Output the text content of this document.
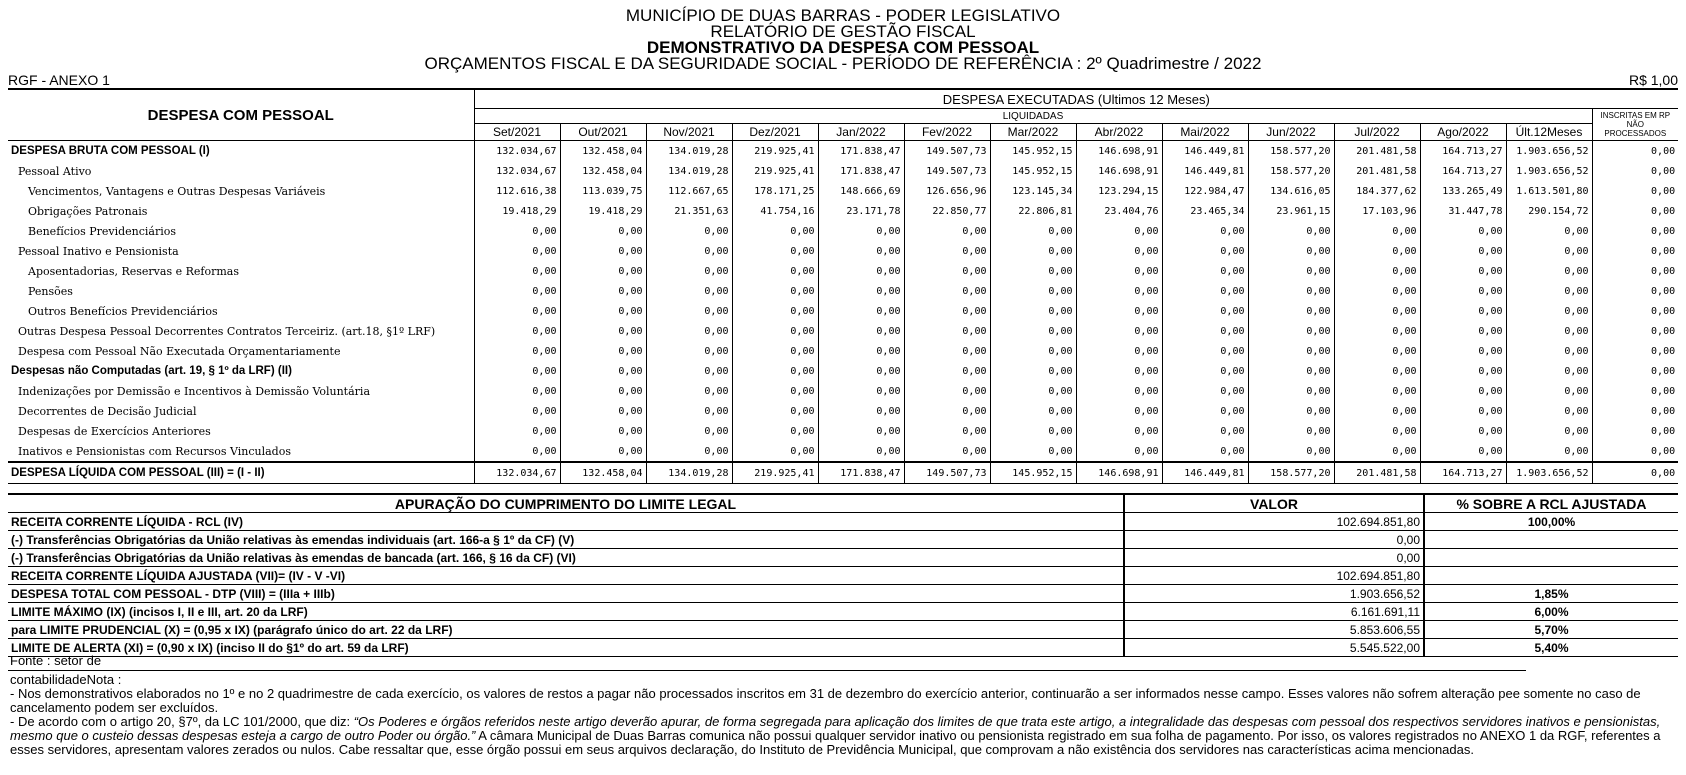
MUNICÍPIO DE DUAS BARRAS - PODER LEGISLATIVO
RELATÓRIO DE GESTÃO FISCAL
DEMONSTRATIVO DA DESPESA COM PESSOAL
ORÇAMENTOS FISCAL E DA SEGURIDADE SOCIAL - PERÍODO DE REFERÊNCIA : 2º Quadrimestre / 2022
RGF - ANEXO 1	R$ 1,00
DESPESA COM PESSOAL	DESPESA EXECUTADAS (Ultimos 12 Meses)													
	LIQUIDADAS													INSCRITAS EM RP NÃO PROCESSADOS
	Set/2021	Out/2021	Nov/2021	Dez/2021	Jan/2022	Fev/2022	Mar/2022	Abr/2022	Mai/2022	Jun/2022	Jul/2022	Ago/2022	Últ.12Meses	
DESPESA BRUTA COM PESSOAL (I)	132.034,67	132.458,04	134.019,28	219.925,41	171.838,47	149.507,73	145.952,15	146.698,91	146.449,81	158.577,20	201.481,58	164.713,27	1.903.656,52	0,00
Pessoal Ativo	132.034,67	132.458,04	134.019,28	219.925,41	171.838,47	149.507,73	145.952,15	146.698,91	146.449,81	158.577,20	201.481,58	164.713,27	1.903.656,52	0,00
Vencimentos, Vantagens e Outras Despesas Variáveis	112.616,38	113.039,75	112.667,65	178.171,25	148.666,69	126.656,96	123.145,34	123.294,15	122.984,47	134.616,05	184.377,62	133.265,49	1.613.501,80	0,00
Obrigações Patronais	19.418,29	19.418,29	21.351,63	41.754,16	23.171,78	22.850,77	22.806,81	23.404,76	23.465,34	23.961,15	17.103,96	31.447,78	290.154,72	0,00
Benefícios Previdenciários	0,00	0,00	0,00	0,00	0,00	0,00	0,00	0,00	0,00	0,00	0,00	0,00	0,00	0,00
Pessoal Inativo e Pensionista	0,00	0,00	0,00	0,00	0,00	0,00	0,00	0,00	0,00	0,00	0,00	0,00	0,00	0,00
Aposentadorias, Reservas e Reformas	0,00	0,00	0,00	0,00	0,00	0,00	0,00	0,00	0,00	0,00	0,00	0,00	0,00	0,00
Pensões	0,00	0,00	0,00	0,00	0,00	0,00	0,00	0,00	0,00	0,00	0,00	0,00	0,00	0,00
Outros Benefícios Previdenciários	0,00	0,00	0,00	0,00	0,00	0,00	0,00	0,00	0,00	0,00	0,00	0,00	0,00	0,00
Outras Despesa Pessoal Decorrentes Contratos Terceiriz. (art.18, §1º LRF)	0,00	0,00	0,00	0,00	0,00	0,00	0,00	0,00	0,00	0,00	0,00	0,00	0,00	0,00
Despesa com Pessoal Não Executada Orçamentariamente	0,00	0,00	0,00	0,00	0,00	0,00	0,00	0,00	0,00	0,00	0,00	0,00	0,00	0,00
Despesas não Computadas (art. 19, § 1º da LRF) (II)	0,00	0,00	0,00	0,00	0,00	0,00	0,00	0,00	0,00	0,00	0,00	0,00	0,00	0,00
Indenizações por Demissão e Incentivos à Demissão Voluntária	0,00	0,00	0,00	0,00	0,00	0,00	0,00	0,00	0,00	0,00	0,00	0,00	0,00	0,00
Decorrentes de Decisão Judicial	0,00	0,00	0,00	0,00	0,00	0,00	0,00	0,00	0,00	0,00	0,00	0,00	0,00	0,00
Despesas de Exercícios Anteriores	0,00	0,00	0,00	0,00	0,00	0,00	0,00	0,00	0,00	0,00	0,00	0,00	0,00	0,00
Inativos e Pensionistas com Recursos Vinculados	0,00	0,00	0,00	0,00	0,00	0,00	0,00	0,00	0,00	0,00	0,00	0,00	0,00	0,00
DESPESA LÍQUIDA COM PESSOAL (III) = (I - II)	132.034,67	132.458,04	134.019,28	219.925,41	171.838,47	149.507,73	145.952,15	146.698,91	146.449,81	158.577,20	201.481,58	164.713,27	1.903.656,52	0,00
APURAÇÃO DO CUMPRIMENTO DO LIMITE LEGAL	VALOR	% SOBRE A RCL AJUSTADA
RECEITA CORRENTE LÍQUIDA - RCL (IV)	102.694.851,80	100,00%
(-) Transferências Obrigatórias da União relativas às emendas individuais (art. 166-a § 1º da CF) (V)	0,00	
(-) Transferências Obrigatórias da União relativas às emendas de bancada (art. 166, § 16 da CF) (VI)	0,00	
RECEITA CORRENTE LÍQUIDA AJUSTADA (VII)= (IV - V -VI)	102.694.851,80	
DESPESA TOTAL COM PESSOAL - DTP (VIII) = (IIIa + IIIb)	1.903.656,52	1,85%
LIMITE MÁXIMO (IX) (incisos I, II e III, art. 20 da LRF)	6.161.691,11	6,00%
para LIMITE PRUDENCIAL (X) = (0,95 x IX) (parágrafo único do art. 22 da LRF)	5.853.606,55	5,70%
LIMITE DE ALERTA (XI) = (0,90 x IX) (inciso II do §1º do art. 59 da LRF)	5.545.522,00	5,40%
Fonte : setor de
contabilidadeNota :

- Nos demonstrativos elaborados no 1º e no 2 quadrimestre de cada exercício, os valores de restos a pagar não processados inscritos em 31 de dezembro do exercício anterior, continuarão a ser informados nesse campo. Esses valores não sofrem alteração pee somente no caso de cancelamento podem ser excluídos.

- De acordo com o artigo 20, §7º, da LC 101/2000, que diz: “Os Poderes e órgãos referidos neste artigo deverão apurar, de forma segregada para aplicação dos limites de que trata este artigo, a integralidade das despesas com pessoal dos respectivos servidores inativos e pensionistas, mesmo que o custeio dessas despesas esteja a cargo de outro Poder ou órgão.” A câmara Municipal de Duas Barras comunica não possui qualquer servidor inativo ou pensionista registrado em sua folha de pagamento. Por isso, os valores registrados no ANEXO 1 da RGF, referentes a esses servidores, apresentam valores zerados ou nulos. Cabe ressaltar que, esse órgão possui em seus arquivos declaração, do Instituto de Previdência Municipal, que comprovam a não existência dos servidores nas características acima mencionadas.
